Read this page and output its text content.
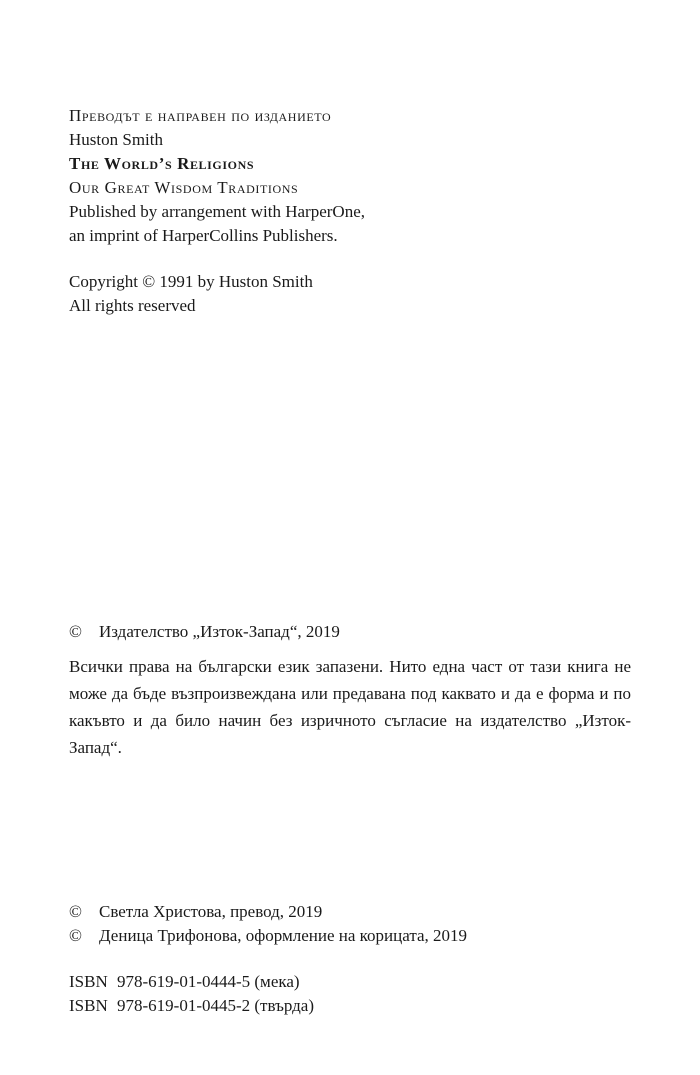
Преводът е направен по изданието
Huston Smith
The World’s Religions
Our Great Wisdom Traditions
Published by arrangement with HarperOne,
an imprint of HarperCollins Publishers.
Copyright © 1991 by Huston Smith
All rights reserved
© Издателство „Изток-Запад“, 2019
Всички права на български език запазени. Нито една част от тази книга не може да бъде възпроизвеждана или предавана под каквато и да е форма и по какъвто и да било начин без изричното съгласие на издателство „Изток-Запад“.
© Светла Христова, превод, 2019
© Деница Трифонова, оформление на корицата, 2019
ISBN 978-619-01-0444-5 (мека)
ISBN 978-619-01-0445-2 (твърда)
